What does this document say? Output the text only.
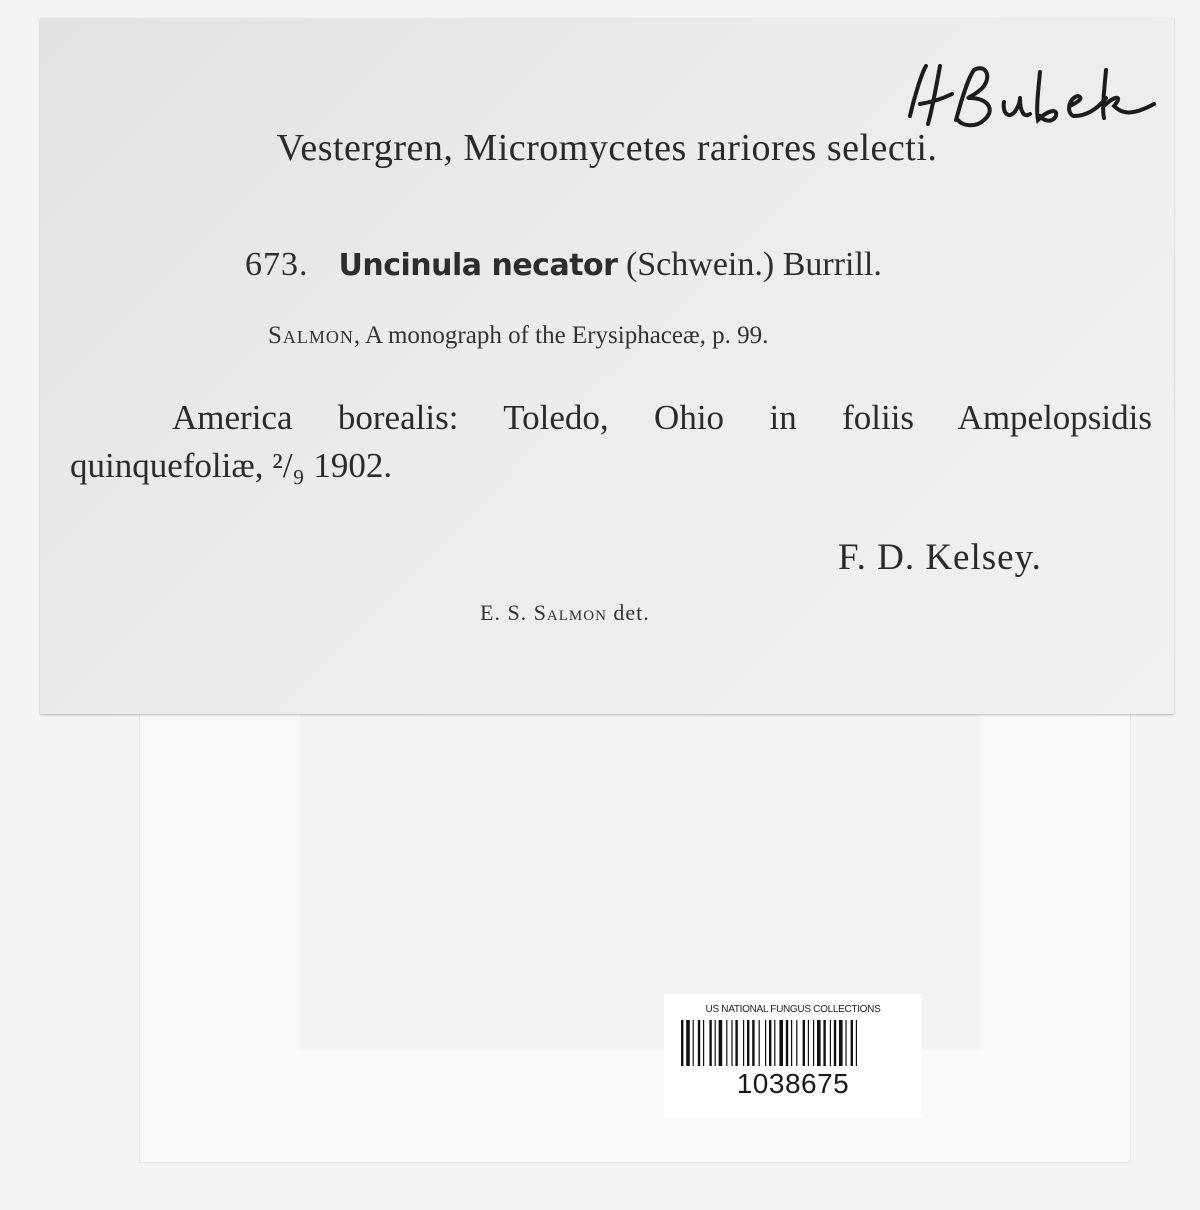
Vestergren, Micromycetes rariores selecti.
673. Uncinula necator (Schwein.) Burrill.
Salmon, A monograph of the Erysiphaceæ, p. 99.
America borealis: Toledo, Ohio in foliis Ampelopsidis
quinquefoliæ, ²/₉ 1902.
F. D. Kelsey.
E. S. Salmon det.
US NATIONAL FUNGUS COLLECTIONS
1038675
